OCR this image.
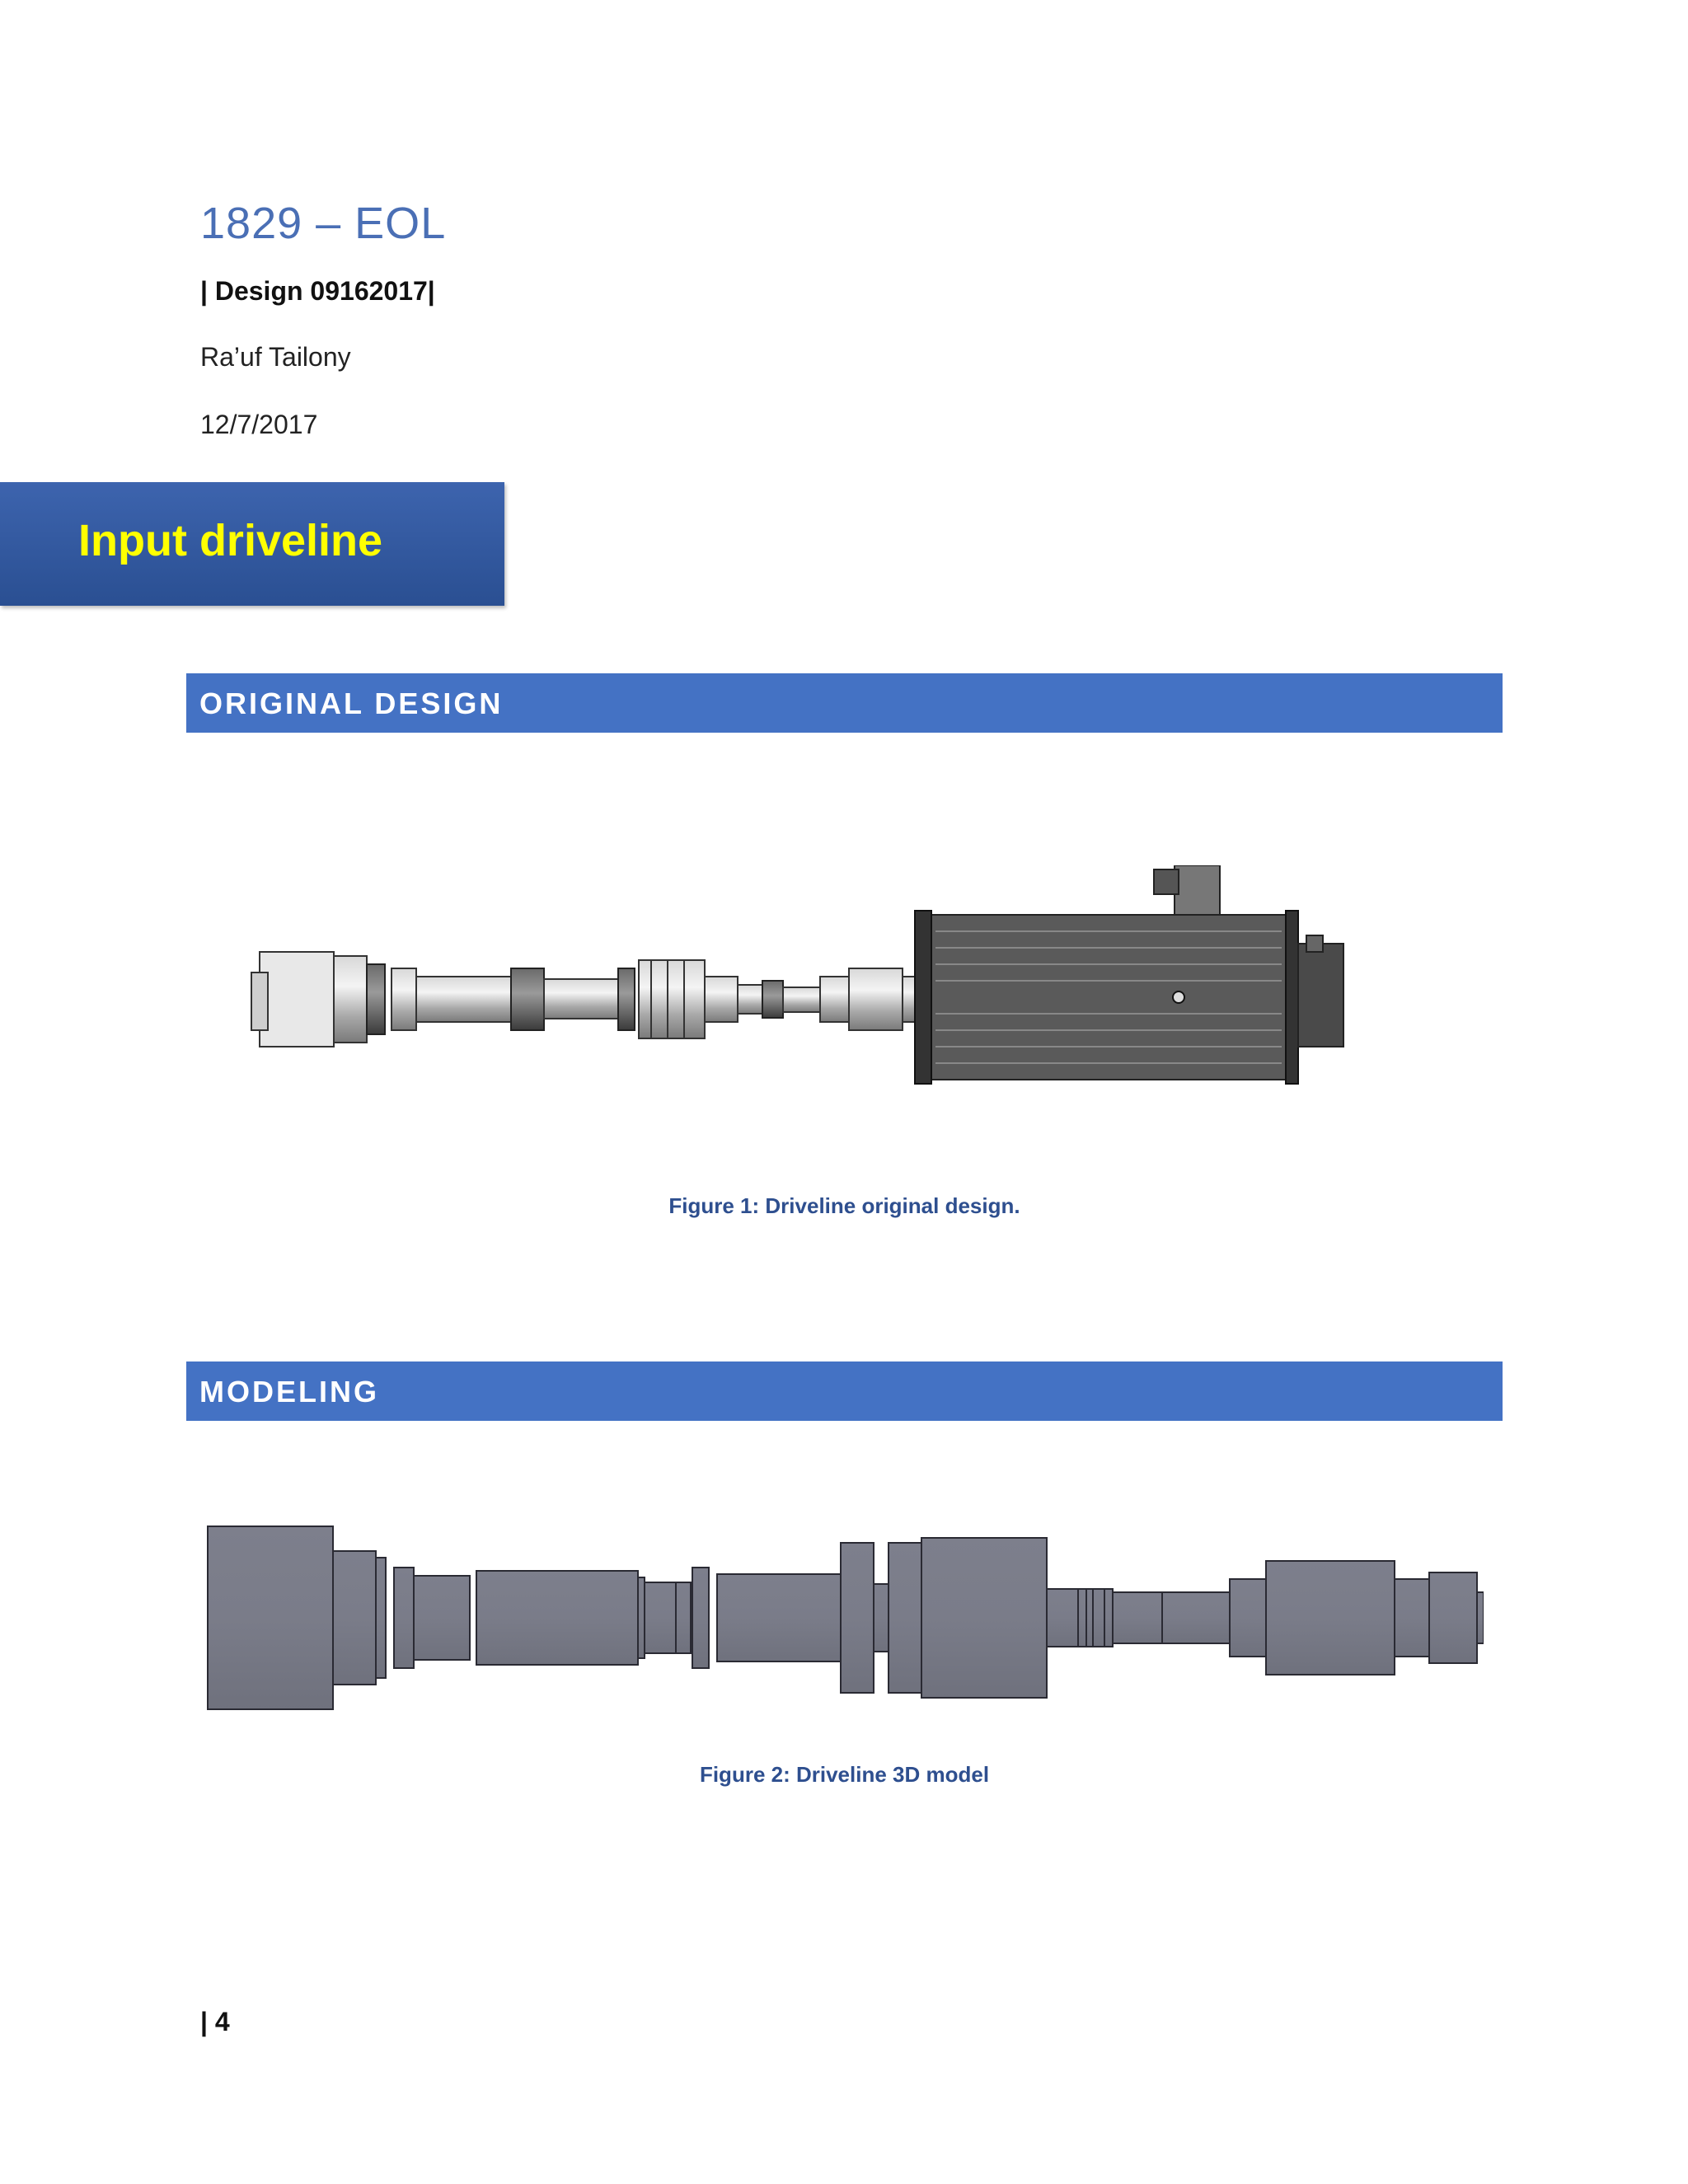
1829 – EOL
| Design 09162017|
Ra’uf Tailony
12/7/2017
Input driveline
ORIGINAL DESIGN
Figure 1: Driveline original design.
MODELING
Figure 2: Driveline 3D model
| 4
